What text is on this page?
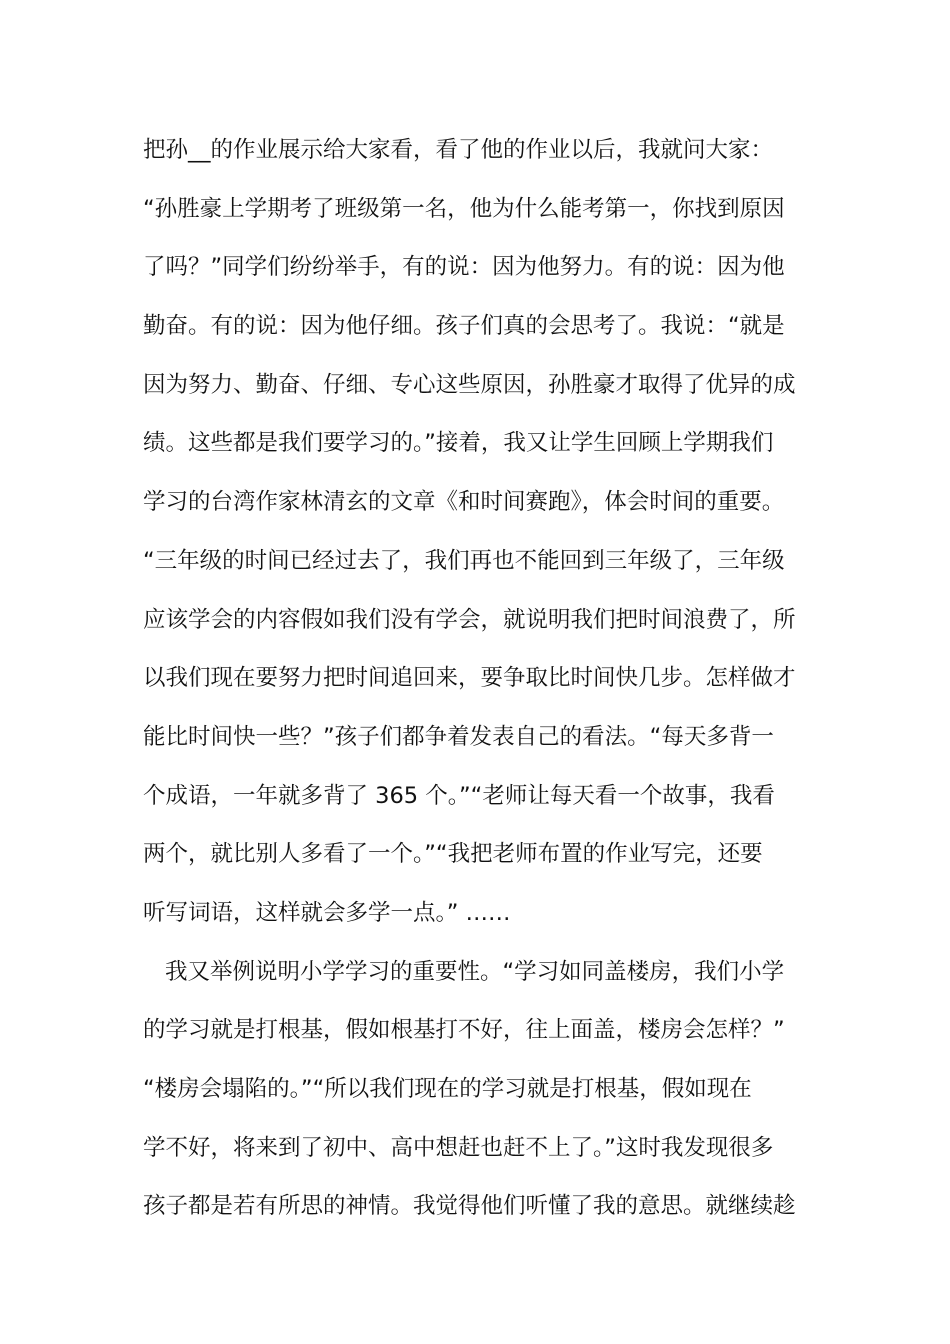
把孙__的作业展示给大家看，看了他的作业以后，我就问大家：
“孙胜豪上学期考了班级第一名，他为什么能考第一，你找到原因
了吗？”同学们纷纷举手，有的说：因为他努力。有的说：因为他
勤奋。有的说：因为他仔细。孩子们真的会思考了。我说：“就是
因为努力、勤奋、仔细、专心这些原因，孙胜豪才取得了优异的成
绩。这些都是我们要学习的。”接着，我又让学生回顾上学期我们
学习的台湾作家林清玄的文章《和时间赛跑》，体会时间的重要。
“三年级的时间已经过去了，我们再也不能回到三年级了，三年级
应该学会的内容假如我们没有学会，就说明我们把时间浪费了，所
以我们现在要努力把时间追回来，要争取比时间快几步。怎样做才
能比时间快一些？”孩子们都争着发表自己的看法。“每天多背一
个成语，一年就多背了 365 个。”“老师让每天看一个故事，我看
两个，就比别人多看了一个。”“我把老师布置的作业写完，还要
听写词语，这样就会多学一点。” ……
我又举例说明小学学习的重要性。“学习如同盖楼房，我们小学
的学习就是打根基，假如根基打不好，往上面盖，楼房会怎样？”
“楼房会塌陷的。”“所以我们现在的学习就是打根基，假如现在
学不好，将来到了初中、高中想赶也赶不上了。”这时我发现很多
孩子都是若有所思的神情。我觉得他们听懂了我的意思。就继续趁
